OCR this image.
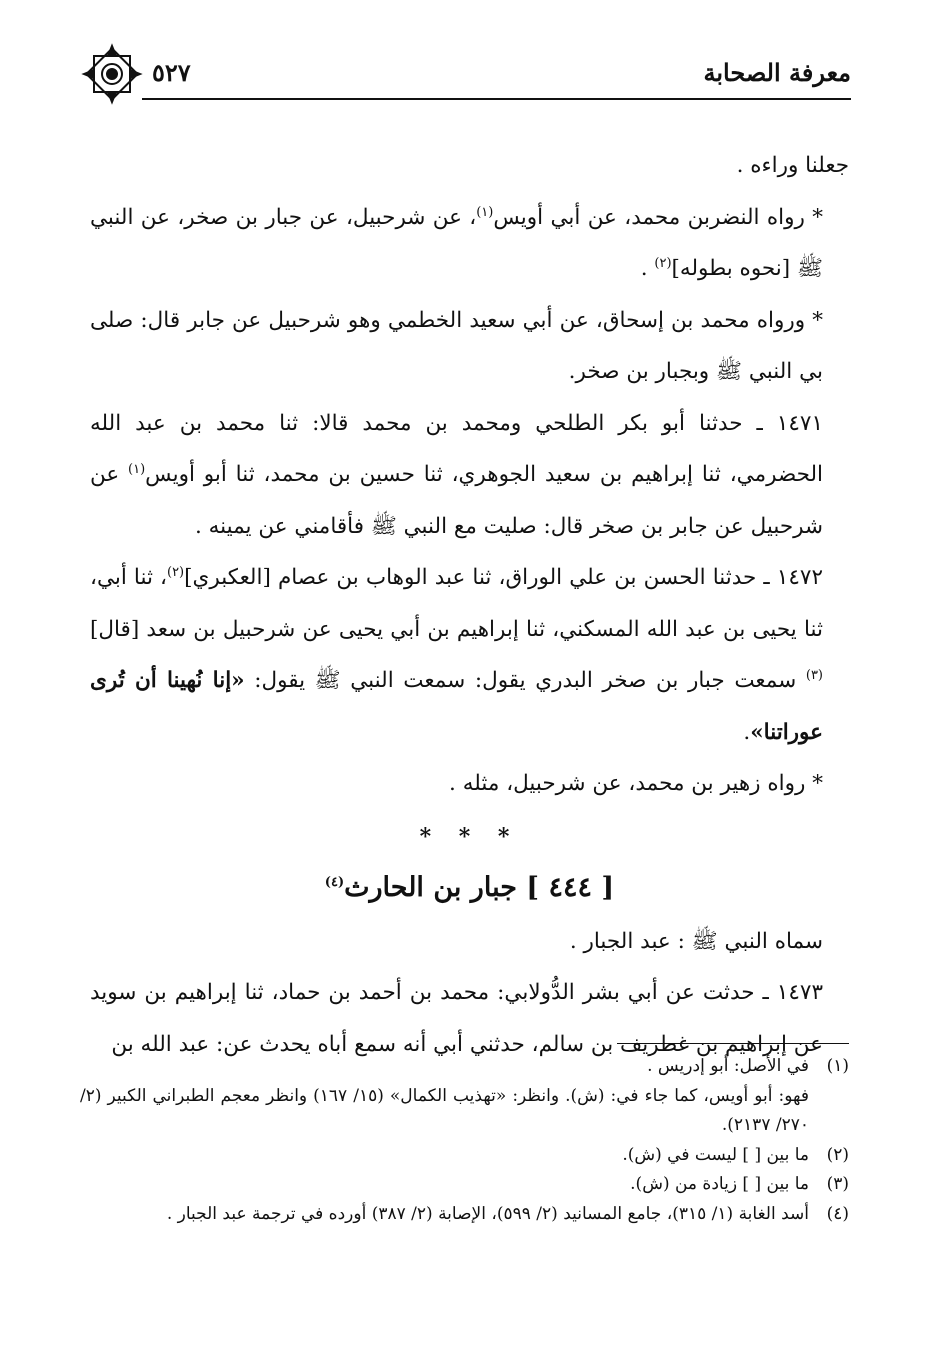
معرفة الصحابة
٥٢٧

جعلنا وراءه .

* رواه النضربن محمد، عن أبي أويس$^{(١)}$، عن شرحبيل، عن جبار بن صخر، عن النبي ﷺ [نحوه بطوله]$^{(٢)}$ .

* ورواه محمد بن إسحاق، عن أبي سعيد الخطمي وهو شرحبيل عن جابر قال: صلى بي النبي ﷺ وبجبار بن صخر.

١٤٧١ ـ حدثنا أبو بكر الطلحي ومحمد بن محمد قالا: ثنا محمد بن عبد الله الحضرمي، ثنا إبراهيم بن سعيد الجوهري، ثنا حسين بن محمد، ثنا أبو أويس$^{(١)}$ عن شرحبيل عن جابر بن صخر قال: صليت مع النبي ﷺ فأقامني عن يمينه .

١٤٧٢ ـ حدثنا الحسن بن علي الوراق، ثنا عبد الوهاب بن عصام [العكبري]$^{(٢)}$، ثنا أبي، ثنا يحيى بن عبد الله المسكني، ثنا إبراهيم بن أبي يحيى عن شرحبيل بن سعد [قال]$^{(٣)}$ سمعت جبار بن صخر البدري يقول: سمعت النبي ﷺ يقول: «إنا نُهينا أن تُرى عوراتنا».

* رواه زهير بن محمد، عن شرحبيل، مثله .

* * *

[ ٤٤٤ ] جبار بن الحارث$^{(٤)}$

سماه النبي ﷺ : عبد الجبار .

١٤٧٣ ـ حدثت عن أبي بشر الدُّولابي: محمد بن أحمد بن حماد، ثنا إبراهيم بن سويد عن إبراهيم بن غطريف بن سالم، حدثني أبي أنه سمع أباه يحدث عن: عبد الله بن

(١)في الأصل: أبو إدريس .

فهو: أبو أويس، كما جاء في: (ش). وانظر: «تهذيب الكمال» (١٥/ ١٦٧) وانظر معجم الطبراني الكبير (٢/ ٢٧٠/ ٢١٣٧).

(٢)ما بين [ ] ليست في (ش).

(٣)ما بين [ ] زيادة من (ش).

(٤)أسد الغابة (١/ ٣١٥)، جامع المسانيد (٢/ ٥٩٩)، الإصابة (٢/ ٣٨٧) أورده في ترجمة عبد الجبار .
